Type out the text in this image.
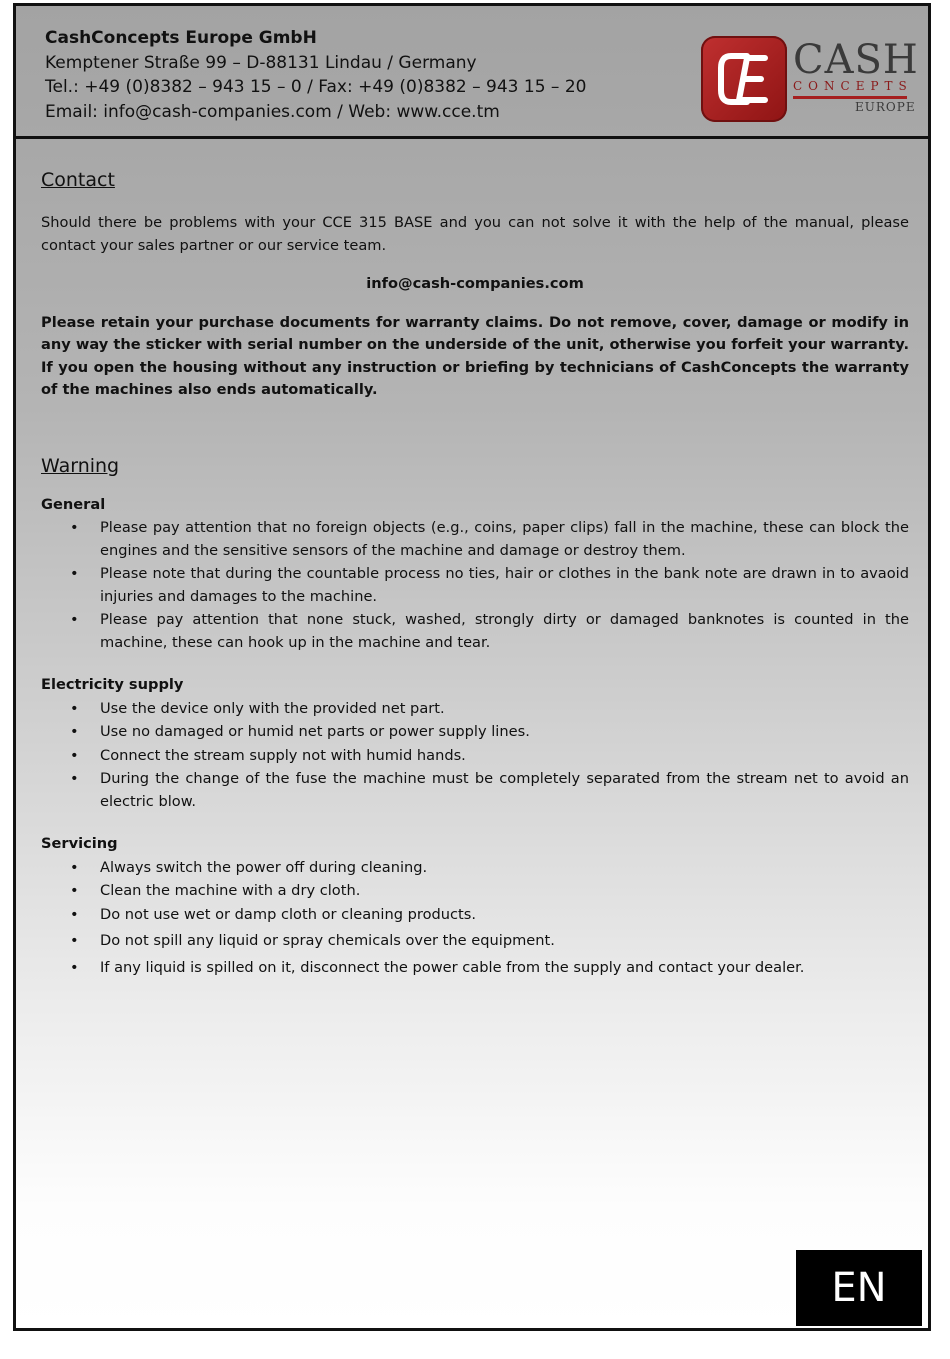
CashConcepts Europe GmbH
Kemptener Straße 99 – D-88131 Lindau / Germany
Tel.: +49 (0)8382 – 943 15 – 0 / Fax: +49 (0)8382 – 943 15 – 20
Email: info@cash-companies.com / Web: www.cce.tm
CASH
CONCEPTS
EUROPE
Contact

Should there be problems with your CCE 315 BASE and you can not solve it with the help of the manual, please contact your sales partner or our service team.

info@cash-companies.com

Please retain your purchase documents for warranty claims. Do not remove, cover, damage or modify in any way the sticker with serial number on the underside of the unit, otherwise you forfeit your warranty. If you open the housing without any instruction or briefing by technicians of CashConcepts the warranty of the machines also ends automatically.

Warning
General
• Please pay attention that no foreign objects (e.g., coins, paper clips) fall in the machine, these can block the engines and the sensitive sensors of the machine and damage or destroy them.
• Please note that during the countable process no ties, hair or clothes in the bank note are drawn in to avaoid injuries and damages to the machine.
• Please pay attention that none stuck, washed, strongly dirty or damaged banknotes is counted in the machine, these can hook up in the machine and tear.
Electricity supply
• Use the device only with the provided net part.
• Use no damaged or humid net parts or power supply lines.
• Connect the stream supply not with humid hands.
• During the change of the fuse the machine must be completely separated from the stream net to avoid an electric blow.
Servicing
• Always switch the power off during cleaning.
• Clean the machine with a dry cloth.
• Do not use wet or damp cloth or cleaning products.
• Do not spill any liquid or spray chemicals over the equipment.
• If any liquid is spilled on it, disconnect the power cable from the supply and contact your dealer.
EN
